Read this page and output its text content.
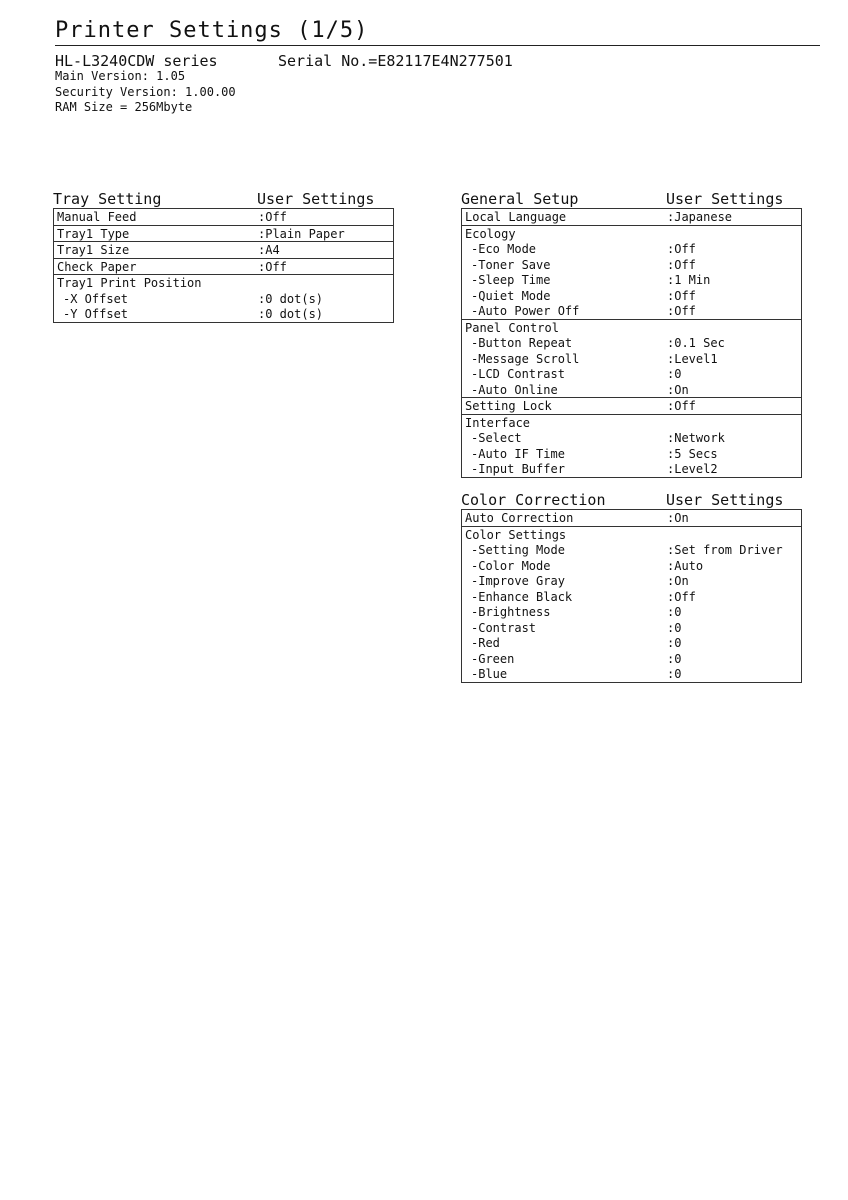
Printer Settings (1/5)
HL-L3240CDW series	Serial No.=E82117E4N277501
Main Version: 1.05
Security Version: 1.00.00
RAM Size = 256Mbyte
Tray Setting	User Settings
Manual Feed	:Off
Tray1 Type	:Plain Paper
Tray1 Size	:A4
Check Paper	:Off
Tray1 Print Position
-X Offset	:0 dot(s)
-Y Offset	:0 dot(s)
General Setup	User Settings
Local Language	:Japanese
Ecology
-Eco Mode	:Off
-Toner Save	:Off
-Sleep Time	:1 Min
-Quiet Mode	:Off
-Auto Power Off	:Off
Panel Control
-Button Repeat	:0.1 Sec
-Message Scroll	:Level1
-LCD Contrast	:0
-Auto Online	:On
Setting Lock	:Off
Interface
-Select	:Network
-Auto IF Time	:5 Secs
-Input Buffer	:Level2
Color Correction	User Settings
Auto Correction	:On
Color Settings
-Setting Mode	:Set from Driver
-Color Mode	:Auto
-Improve Gray	:On
-Enhance Black	:Off
-Brightness	:0
-Contrast	:0
-Red	:0
-Green	:0
-Blue	:0
